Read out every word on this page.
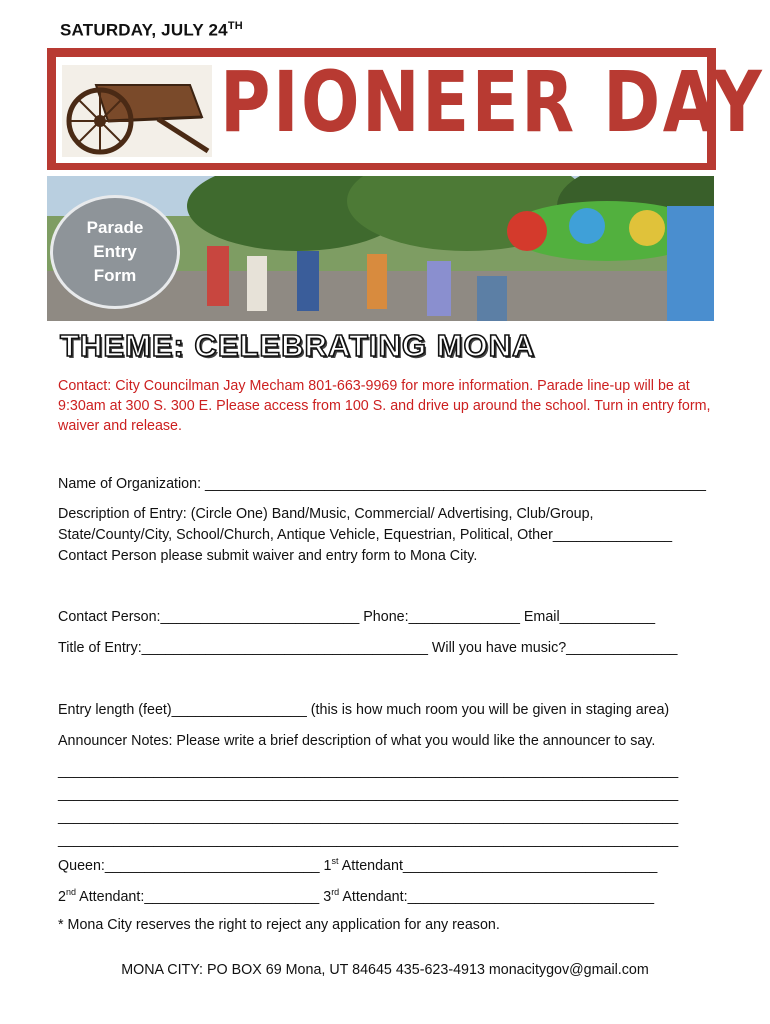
SATURDAY, JULY 24TH
PIONEER DAY
Parade
Entry
Form
THEME: CELEBRATING MONA
Contact: City Councilman Jay Mecham 801-663-9969 for more information. Parade line-up will be at 9:30am at 300 S. 300 E. Please access from 100 S. and drive up around the school. Turn in entry form, waiver and release.
Name of Organization: _______________________________________________________________
Description of Entry: (Circle One) Band/Music, Commercial/ Advertising, Club/Group,
State/County/City, School/Church, Antique Vehicle, Equestrian, Political, Other_______________
Contact Person please submit waiver and entry form to Mona City.
Contact Person:_________________________ Phone:______________ Email____________
Title of Entry:____________________________________ Will you have music?______________
Entry length (feet)_________________ (this is how much room you will be given in staging area)
Announcer Notes: Please write a brief description of what you would like the announcer to say.
______________________________________________________________________________
______________________________________________________________________________
______________________________________________________________________________
______________________________________________________________________________
Queen:___________________________ 1st Attendant________________________________
2nd Attendant:______________________ 3rd Attendant:_______________________________
* Mona City reserves the right to reject any application for any reason.
MONA CITY: PO BOX 69 Mona, UT 84645 435-623-4913 monacitygov@gmail.com
